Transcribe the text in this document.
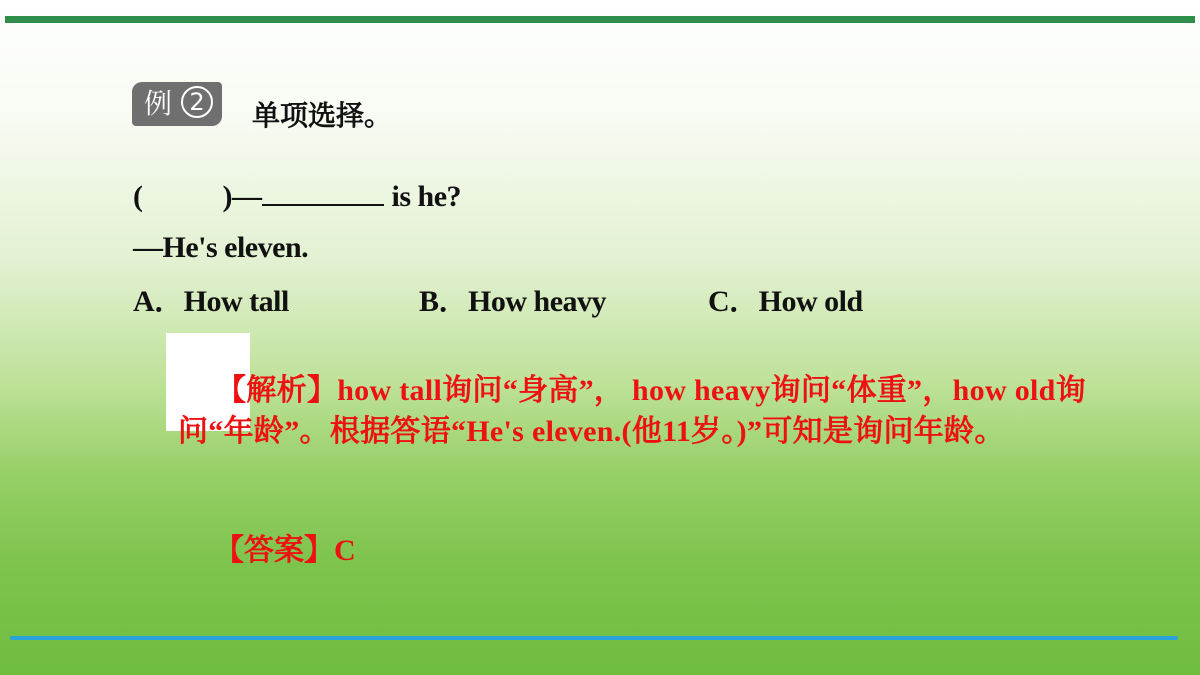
例 2 单项选择。
(	)—	is he?
—He's eleven.
A．How tall	B．How heavy	C．How old
【解析】how tall询问“身高”， how heavy询问“体重”，how old询问“年龄”。根据答语“He's eleven.(他11岁。)”可知是询问年龄。
【答案】C
